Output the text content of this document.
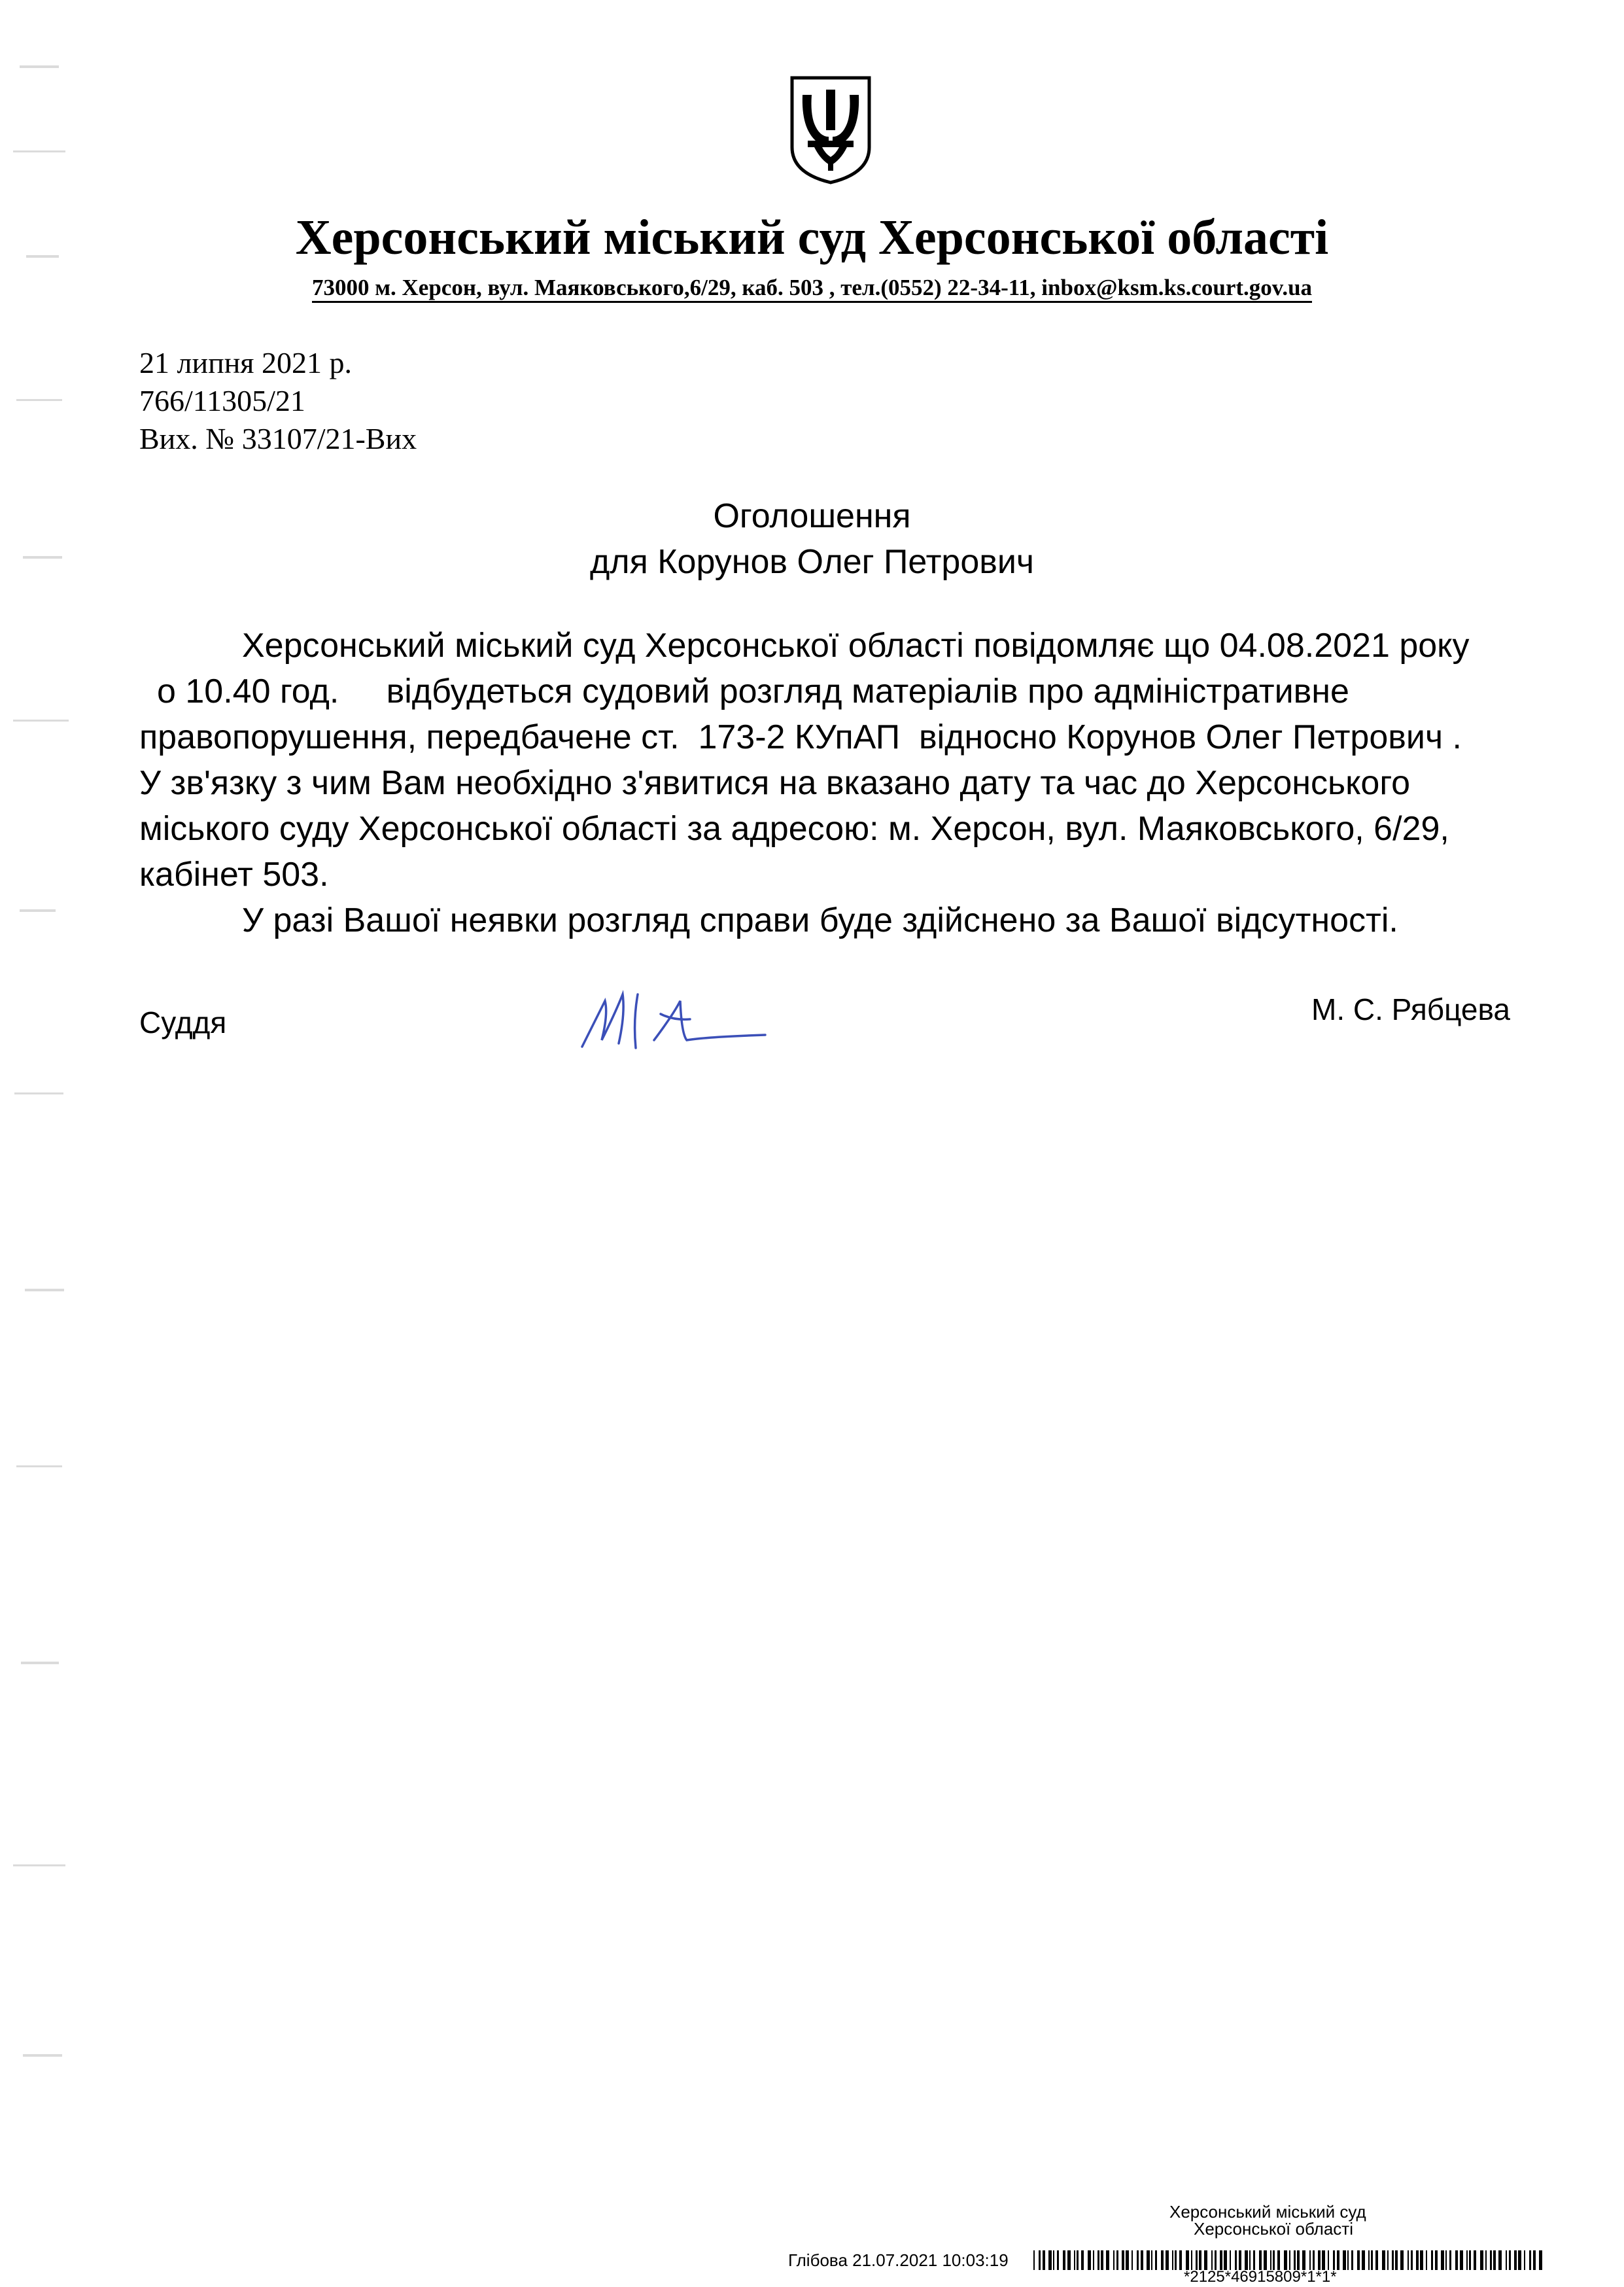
Херсонський міський суд Херсонської області
73000 м. Херсон, вул. Маяковського,6/29, каб. 503 , тел.(0552) 22-34-11, inbox@ksm.ks.court.gov.ua
21 липня 2021 р.
766/11305/21
Вих. № 33107/21-Вих
Оголошення
для Корунов Олег Петрович
Херсонський міський суд Херсонської області повідомляє що 04.08.2021 року
о 10.40 год.     відбудеться судовий розгляд матеріалів про адміністративне
правопорушення, передбачене ст.  173-2 КУпАП  відносно Корунов Олег Петрович .
У зв'язку з чим Вам необхідно з'явитися на вказано дату та час до Херсонського
міського суду Херсонської області за адресою: м. Херсон, вул. Маяковського, 6/29,
кабінет 503.
У разі Вашої неявки розгляд справи буде здійснено за Вашої відсутності.
Суддя	М. С. Рябцева
Херсонський міський суд
Херсонської області
Глібова 21.07.2021 10:03:19
*2125*46915809*1*1*
